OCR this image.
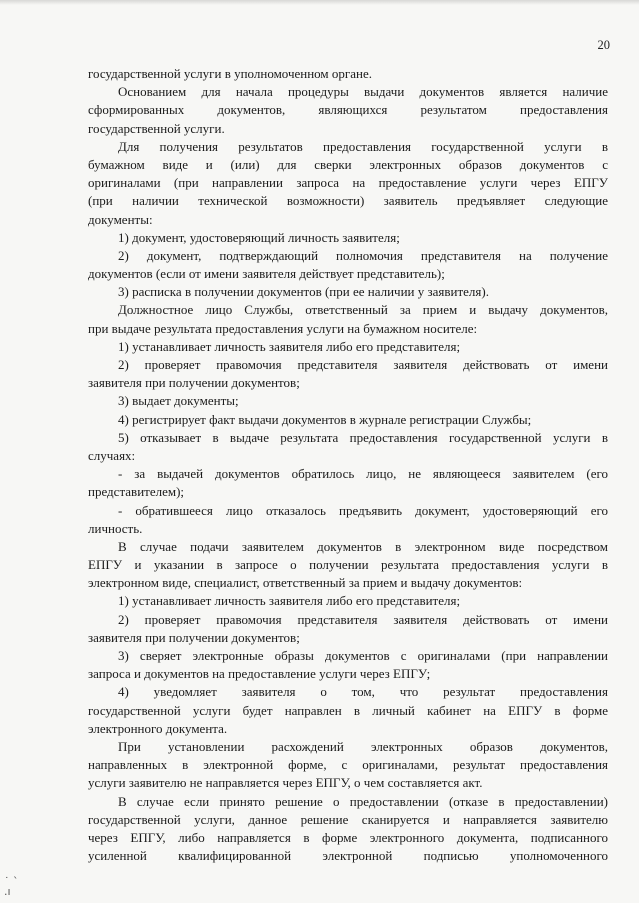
20
государственной услуги в уполномоченном органе.
Основанием для начала процедуры выдачи документов является наличие
сформированных документов, являющихся результатом предоставления
государственной услуги.
Для получения результатов предоставления государственной услуги в
бумажном виде и (или) для сверки электронных образов документов с
оригиналами (при направлении запроса на предоставление услуги через ЕПГУ
(при наличии технической возможности) заявитель предъявляет следующие
документы:
1) документ, удостоверяющий личность заявителя;
2) документ, подтверждающий полномочия представителя на получение
документов (если от имени заявителя действует представитель);
3) расписка в получении документов (при ее наличии у заявителя).
Должностное лицо Службы, ответственный за прием и выдачу документов,
при выдаче результата предоставления услуги на бумажном носителе:
1) устанавливает личность заявителя либо его представителя;
2) проверяет правомочия представителя заявителя действовать от имени
заявителя при получении документов;
3) выдает документы;
4) регистрирует факт выдачи документов в журнале регистрации Службы;
5) отказывает в выдаче результата предоставления государственной услуги в
случаях:
- за выдачей документов обратилось лицо, не являющееся заявителем (его
представителем);
- обратившееся лицо отказалось предъявить документ, удостоверяющий его
личность.
В случае подачи заявителем документов в электронном виде посредством
ЕПГУ и указании в запросе о получении результата предоставления услуги в
электронном виде, специалист, ответственный за прием и выдачу документов:
1) устанавливает личность заявителя либо его представителя;
2) проверяет правомочия представителя заявителя действовать от имени
заявителя при получении документов;
3) сверяет электронные образы документов с оригиналами (при направлении
запроса и документов на предоставление услуги через ЕПГУ;
4) уведомляет заявителя о том, что результат предоставления
государственной услуги будет направлен в личный кабинет на ЕПГУ в форме
электронного документа.
При установлении расхождений электронных образов документов,
направленных в электронной форме, с оригиналами, результат предоставления
услуги заявителю не направляется через ЕПГУ, о чем составляется акт.
В случае если принято решение о предоставлении (отказе в предоставлении)
государственной услуги, данное решение сканируется и направляется заявителю
через ЕПГУ, либо направляется в форме электронного документа, подписанного
усиленной квалифицированной электронной подписью уполномоченного
˙ ˋ
.ı
